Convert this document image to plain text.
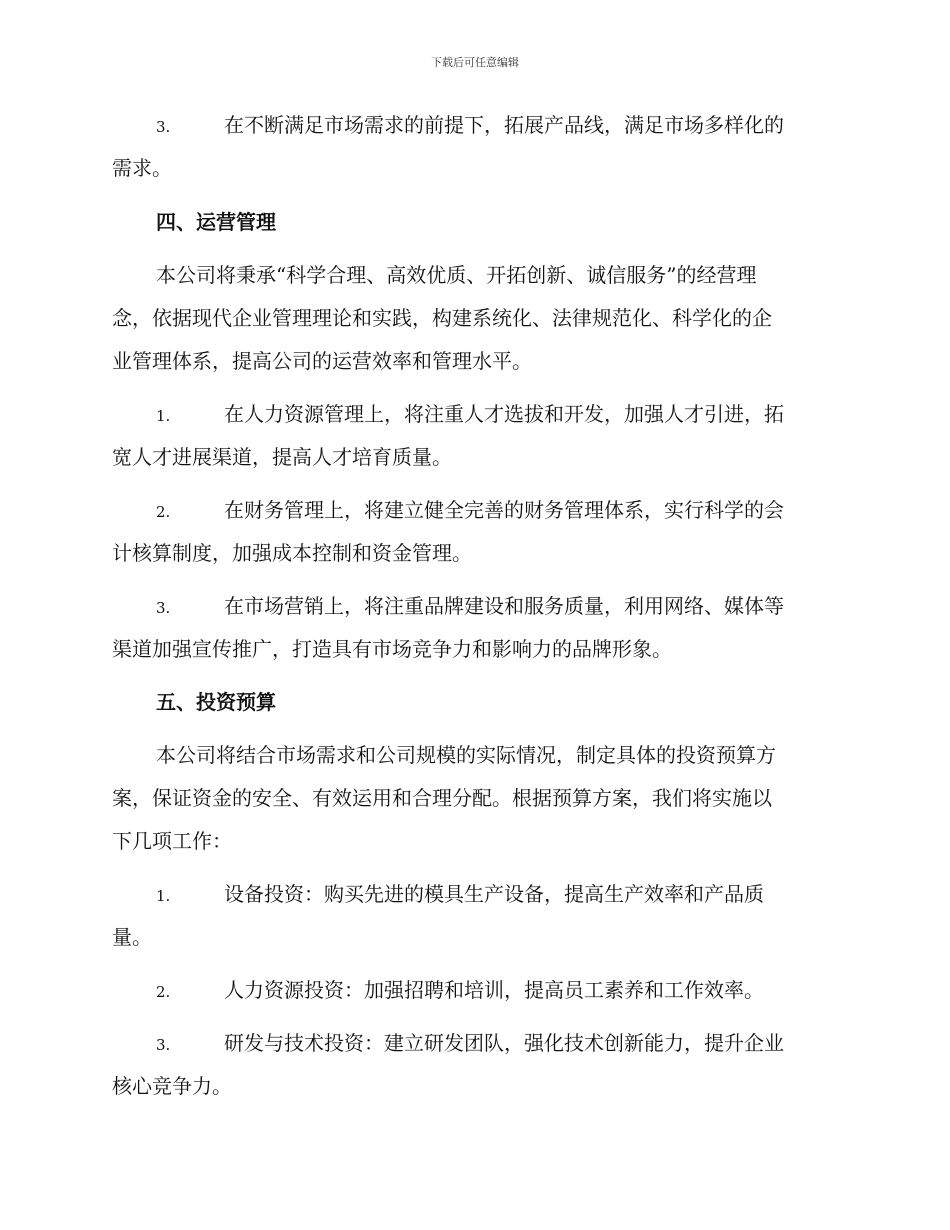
下载后可任意编辑
3.	在不断满足市场需求的前提下，拓展产品线，满足市场多样化的
需求。
四、运营管理
本公司将秉承“科学合理、高效优质、开拓创新、诚信服务”的经营理
念，依据现代企业管理理论和实践，构建系统化、法律规范化、科学化的企
业管理体系，提高公司的运营效率和管理水平。
1.	在人力资源管理上，将注重人才选拔和开发，加强人才引进，拓
宽人才进展渠道，提高人才培育质量。
2.	在财务管理上，将建立健全完善的财务管理体系，实行科学的会
计核算制度，加强成本控制和资金管理。
3.	在市场营销上，将注重品牌建设和服务质量，利用网络、媒体等
渠道加强宣传推广，打造具有市场竞争力和影响力的品牌形象。
五、投资预算
本公司将结合市场需求和公司规模的实际情况，制定具体的投资预算方
案，保证资金的安全、有效运用和合理分配。根据预算方案，我们将实施以
下几项工作：
1.	设备投资：购买先进的模具生产设备，提高生产效率和产品质
量。
2.	人力资源投资：加强招聘和培训，提高员工素养和工作效率。
3.	研发与技术投资：建立研发团队，强化技术创新能力，提升企业
核心竞争力。
